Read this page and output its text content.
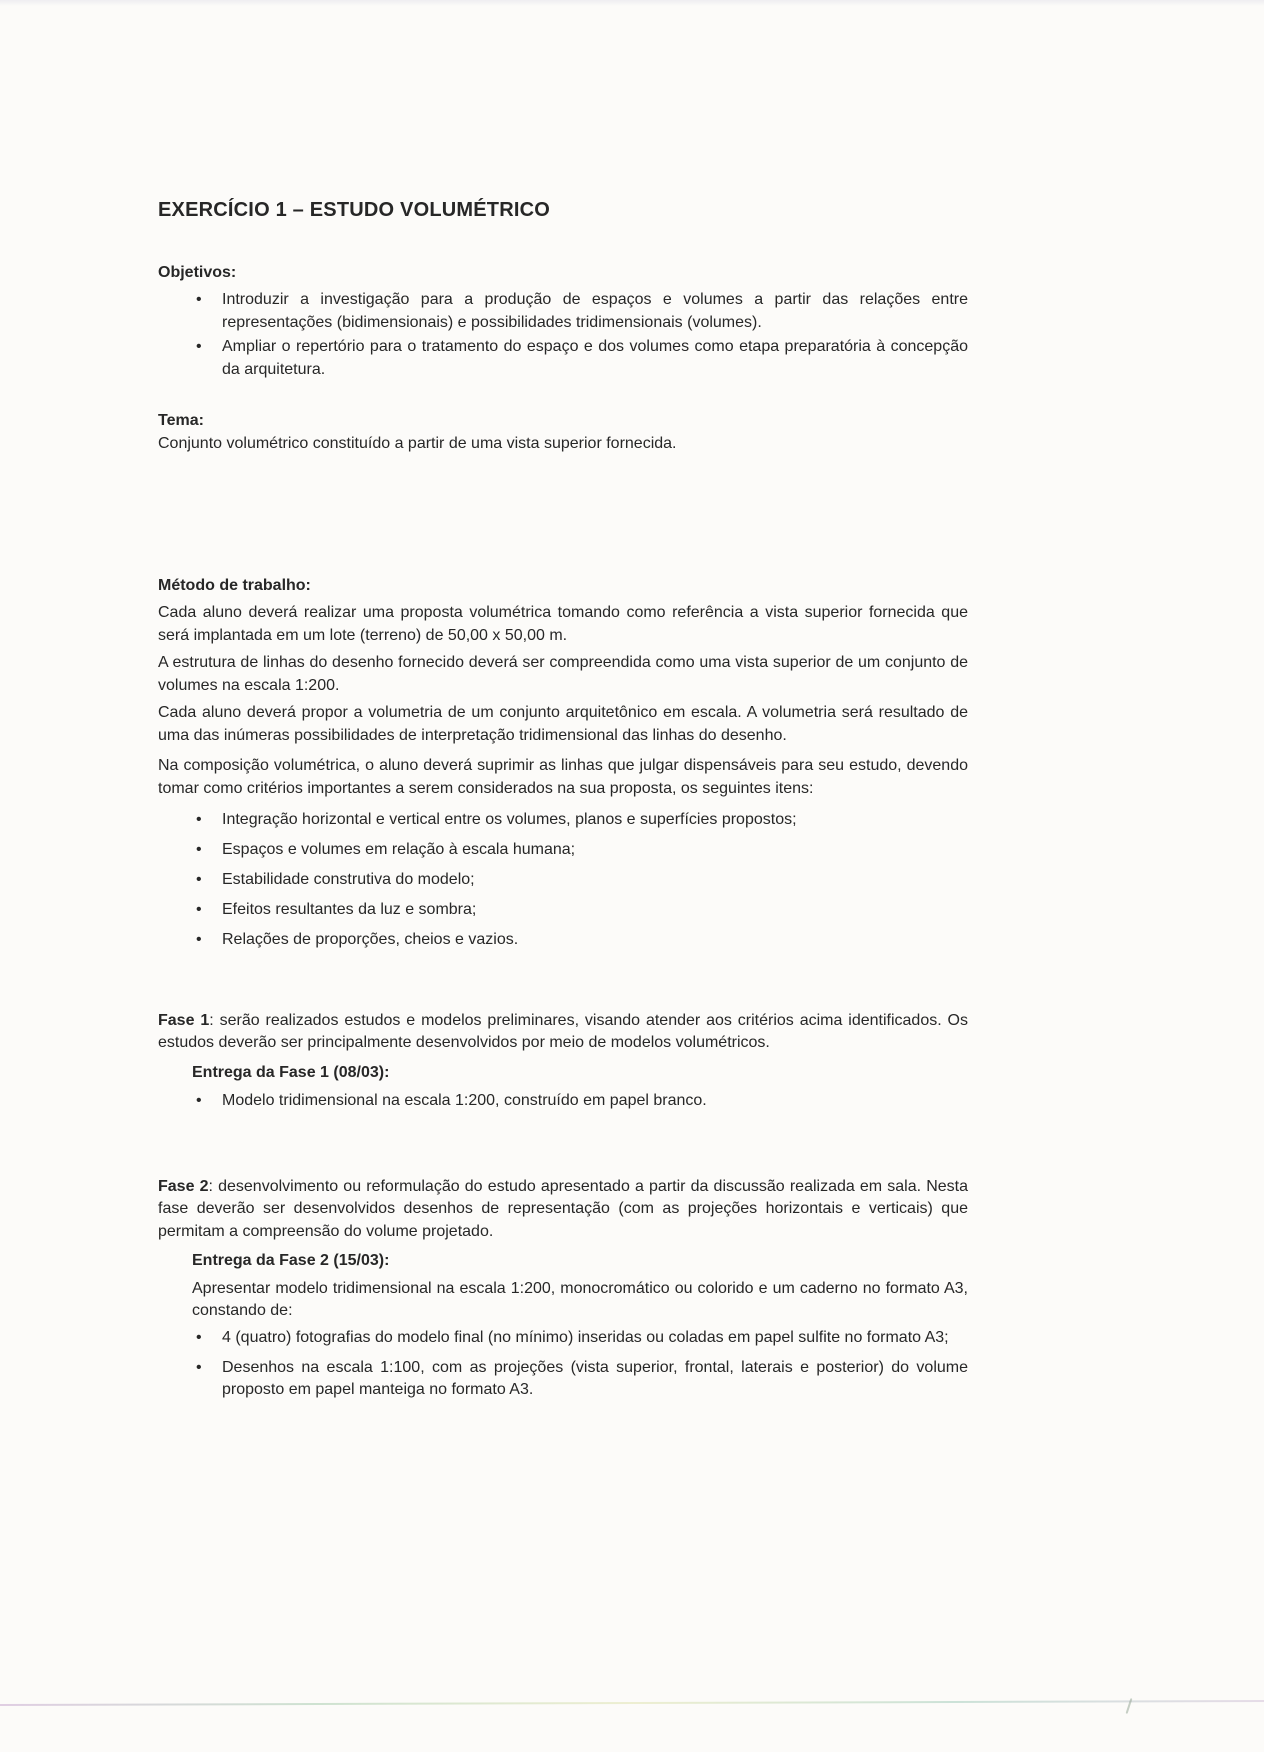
EXERCÍCIO 1 – ESTUDO VOLUMÉTRICO
Objetivos:
•	Introduzir a investigação para a produção de espaços e volumes a partir das relações entre representações (bidimensionais) e possibilidades tridimensionais (volumes).
•	Ampliar o repertório para o tratamento do espaço e dos volumes como etapa preparatória à concepção da arquitetura.
Tema:

Conjunto volumétrico constituído a partir de uma vista superior fornecida.

Método de trabalho:

Cada aluno deverá realizar uma proposta volumétrica tomando como referência a vista superior fornecida que será implantada em um lote (terreno) de 50,00 x 50,00 m.

A estrutura de linhas do desenho fornecido deverá ser compreendida como uma vista superior de um conjunto de volumes na escala 1:200.

Cada aluno deverá propor a volumetria de um conjunto arquitetônico em escala. A volumetria será resultado de uma das inúmeras possibilidades de interpretação tridimensional das linhas do desenho.

Na composição volumétrica, o aluno deverá suprimir as linhas que julgar dispensáveis para seu estudo, devendo tomar como critérios importantes a serem considerados na sua proposta, os seguintes itens:

•	Integração horizontal e vertical entre os volumes, planos e superfícies propostos;
•	Espaços e volumes em relação à escala humana;
•	Estabilidade construtiva do modelo;
•	Efeitos resultantes da luz e sombra;
•	Relações de proporções, cheios e vazios.

Fase 1: serão realizados estudos e modelos preliminares, visando atender aos critérios acima identificados. Os estudos deverão ser principalmente desenvolvidos por meio de modelos volumétricos.

Entrega da Fase 1 (08/03):
•	Modelo tridimensional na escala 1:200, construído em papel branco.

Fase 2: desenvolvimento ou reformulação do estudo apresentado a partir da discussão realizada em sala. Nesta fase deverão ser desenvolvidos desenhos de representação (com as projeções horizontais e verticais) que permitam a compreensão do volume projetado.

Entrega da Fase 2 (15/03):

Apresentar modelo tridimensional na escala 1:200, monocromático ou colorido e um caderno no formato A3, constando de:

•	4 (quatro) fotografias do modelo final (no mínimo) inseridas ou coladas em papel sulfite no formato A3;
•	Desenhos na escala 1:100, com as projeções (vista superior, frontal, laterais e posterior) do volume proposto em papel manteiga no formato A3.
